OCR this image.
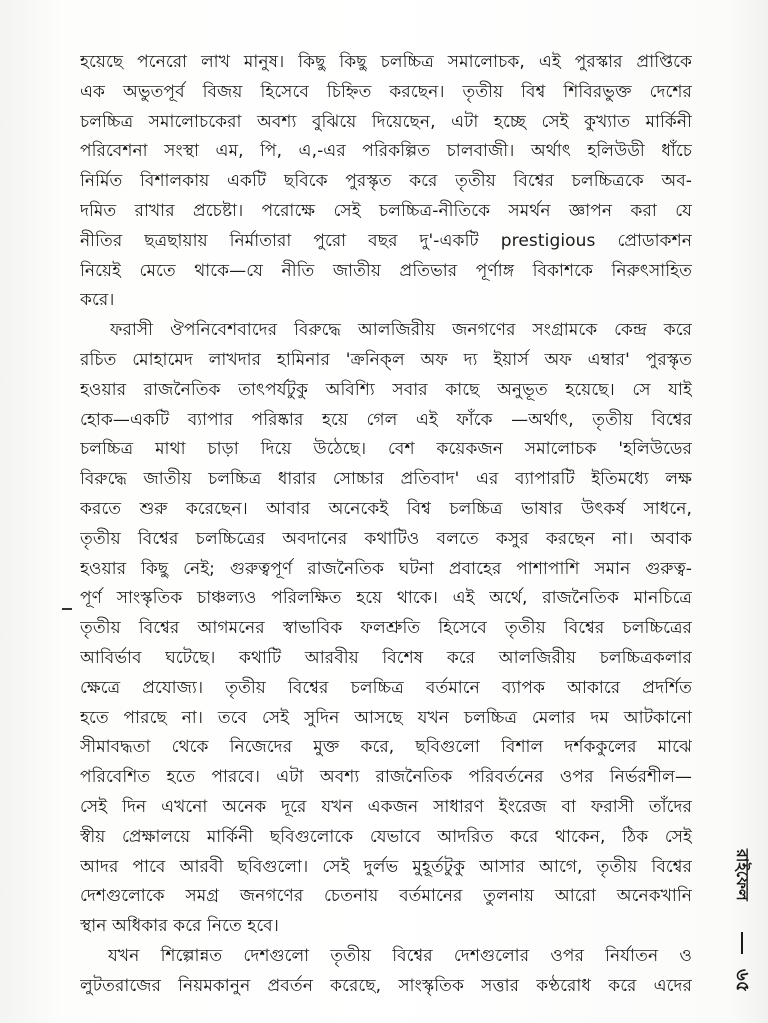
হয়েছে পনেরো লাখ মানুষ। কিছু কিছু চলচ্চিত্র সমালোচক, এই পুরস্কার প্রাপ্তিকে
এক অভুতপূর্ব বিজয় হিসেবে চিহ্নিত করছেন। তৃতীয় বিশ্ব শিবিরভুক্ত দেশের
চলচ্চিত্র সমালোচকেরা অবশ্য বুঝিয়ে দিয়েছেন, এটা হচ্ছে সেই কুখ্যাত মার্কিনী
পরিবেশনা সংস্থা এম, পি, এ,-এর পরিকল্পিত চালবাজী। অর্থাৎ হলিউডী ধাঁচে
নির্মিত বিশালকায় একটি ছবিকে পুরস্কৃত করে তৃতীয় বিশ্বের চলচ্চিত্রকে অব-
দমিত রাখার প্রচেষ্টা। পরোক্ষে সেই চলচ্চিত্র-নীতিকে সমর্থন জ্ঞাপন করা যে
নীতির ছত্রছায়ায় নির্মাতারা পুরো বছর দু'-একটি prestigious প্রোডাকশন
নিয়েই মেতে থাকে—যে নীতি জাতীয় প্রতিভার পূর্ণাঙ্গ বিকাশকে নিরুৎসাহিত
করে।
ফরাসী ঔপনিবেশবাদের বিরুদ্ধে আলজিরীয় জনগণের সংগ্রামকে কেন্দ্র করে
রচিত মোহামেদ লাখদার হামিনার 'ক্রনিক্‌ল অফ দ্য ইয়ার্স অফ এম্বার' পুরস্কৃত
হওয়ার রাজনৈতিক তাৎপর্যটুকু অবিশ্যি সবার কাছে অনুভূত হয়েছে। সে যাই
হোক—একটি ব্যাপার পরিষ্কার হয়ে গেল এই ফাঁকে —অর্থাৎ, তৃতীয় বিশ্বের
চলচ্চিত্র মাথা চাড়া দিয়ে উঠেছে। বেশ কয়েকজন সমালোচক 'হলিউডের
বিরুদ্ধে জাতীয় চলচ্চিত্র ধারার সোচ্চার প্রতিবাদ' এর ব্যাপারটি ইতিমধ্যে লক্ষ
করতে শুরু করেছেন। আবার অনেকেই বিশ্ব চলচ্চিত্র ভাষার উৎকর্ষ সাধনে,
তৃতীয় বিশ্বের চলচ্চিত্রের অবদানের কথাটিও বলতে কসুর করছেন না। অবাক
হওয়ার কিছু নেই; গুরুত্বপূর্ণ রাজনৈতিক ঘটনা প্রবাহের পাশাপাশি সমান গুরুত্ব-
পূর্ণ সাংস্কৃতিক চাঞ্চল্যও পরিলক্ষিত হয়ে থাকে। এই অর্থে, রাজনৈতিক মানচিত্রে
তৃতীয় বিশ্বের আগমনের স্বাভাবিক ফলশ্রুতি হিসেবে তৃতীয় বিশ্বের চলচ্চিত্রের
আবির্ভাব ঘটেছে। কথাটি আরবীয় বিশেষ করে আলজিরীয় চলচ্চিত্রকলার
ক্ষেত্রে প্রযোজ্য। তৃতীয় বিশ্বের চলচ্চিত্র বর্তমানে ব্যাপক আকারে প্রদর্শিত
হতে পারছে না। তবে সেই সুদিন আসছে যখন চলচ্চিত্র মেলার দম আটকানো
সীমাবদ্ধতা থেকে নিজেদের মুক্ত করে, ছবিগুলো বিশাল দর্শককুলের মাঝে
পরিবেশিত হতে পারবে। এটা অবশ্য রাজনৈতিক পরিবর্তনের ওপর নির্ভরশীল—
সেই দিন এখনো অনেক দূরে যখন একজন সাধারণ ইংরেজ বা ফরাসী তাঁদের
স্বীয় প্রেক্ষালয়ে মার্কিনী ছবিগুলোকে যেভাবে আদরিত করে থাকেন, ঠিক সেই
আদর পাবে আরবী ছবিগুলো। সেই দুর্লভ মুহূর্তটুকু আসার আগে, তৃতীয় বিশ্বের
দেশগুলোকে সমগ্র জনগণের চেতনায় বর্তমানের তুলনায় আরো অনেকখানি
স্থান অধিকার করে নিতে হবে।
যখন শিল্পোন্নত দেশগুলো তৃতীয় বিশ্বের দেশগুলোর ওপর নির্যাতন ও
লুটতরাজের নিয়মকানুন প্রবর্তন করেছে, সাংস্কৃতিক সত্তার কণ্ঠরোধ করে এদের
রাইফেল
৬৫
